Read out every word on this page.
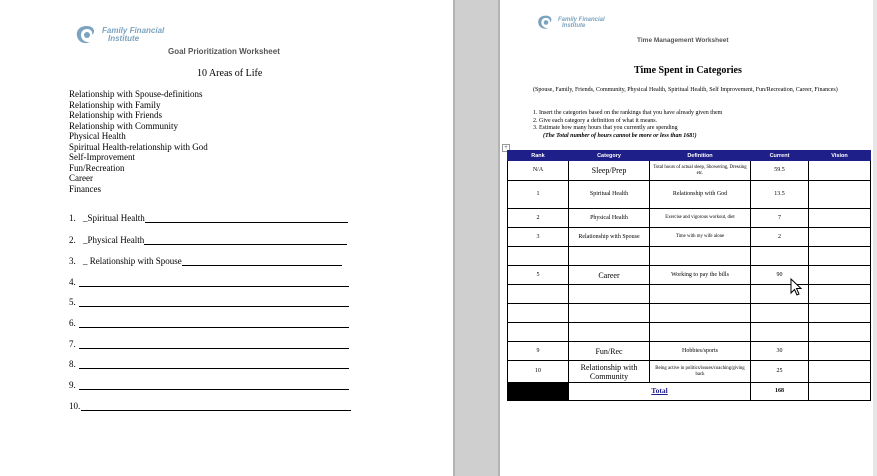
Family Financial
Institute
Goal Prioritization Worksheet
10 Areas of Life
Relationship with Spouse-definitions
Relationship with Family
Relationship with Friends
Relationship with Community
Physical Health
Spiritual Health-relationship with God
Self-Improvement
Fun/Recreation
Career
Finances
1. _Spiritual Health
2. _Physical Health
3. _ Relationship with Spouse
4.
5.
6.
7.
8.
9.
10.
Family Financial
Institute
Time Management Worksheet
Time Spent in Categories
(Spouse, Family, Friends, Community, Physical Health, Spiritual Health, Self Improvement, Fun/Recreation, Career, Finances)
1. Insert the categories based on the rankings that you have already given them
2. Give each category a definition of what it means.
3. Estimate how many hours that you currently are spending
(The Total number of hours cannot be more or less than 168!)
+
Rank	Category	Definition	Current	Vision
N/A	Sleep/Prep	Total hours of actual sleep, Showering, Dressing etc.	59.5	
1	Spiritual Health	Relationship with God	13.5	
2	Physical Health	Exercise and vigorous workout, diet	7	
3	Relationship with Spouse	Time with my wife alone	2	

5	Career	Working to pay the bills	90	

9	Fun/Rec	Hobbies/sports	30	
10	Relationship with Community	Being active in politics/issues/coaching/giving back	25	
	Total		168	
